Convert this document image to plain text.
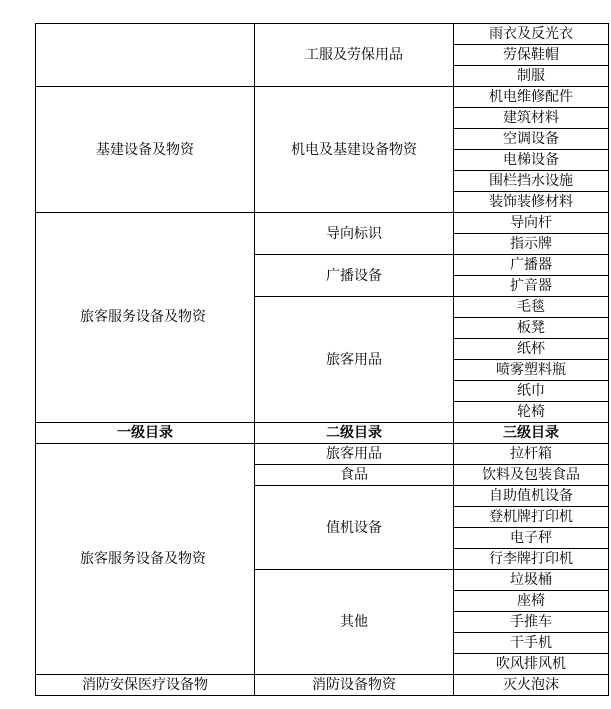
	工服及劳保用品	雨衣及反光衣
		劳保鞋帽
		制服
基建设备及物资	机电及基建设备物资	机电维修配件
		建筑材料
		空调设备
		电梯设备
		围栏挡水设施
		装饰装修材料
旅客服务设备及物资	导向标识	导向杆
		指示牌
	广播设备	广播器
		扩音器
	旅客用品	毛毯
		板凳
		纸杯
		喷雾塑料瓶
		纸巾
		轮椅
一级目录	二级目录	三级目录
旅客服务设备及物资	旅客用品	拉杆箱
	食品	饮料及包装食品
	值机设备	自助值机设备
		登机牌打印机
		电子秤
		行李牌打印机
	其他	垃圾桶
		座椅
		手推车
		干手机
		吹风排风机
消防安保医疗设备物	消防设备物资	灭火泡沫
